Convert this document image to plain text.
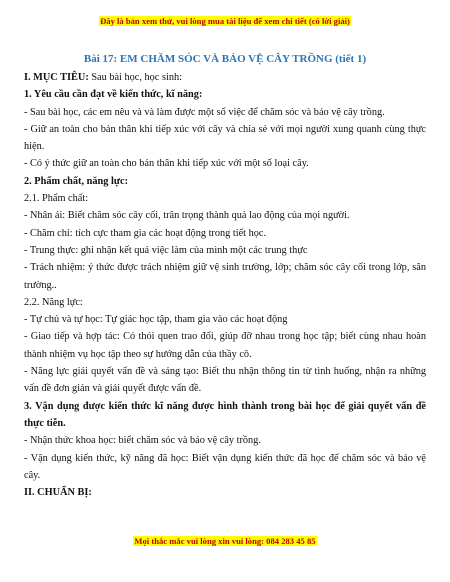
Đây là bản xem thử, vui lòng mua tài liệu để xem chi tiết (có lời giải)
Bài 17: EM CHĂM SÓC VÀ BẢO VỆ CÂY TRỒNG (tiết 1)

I. MỤC TIÊU: Sau bài học, học sinh:

1. Yêu cầu cần đạt về kiến thức, kĩ năng:

- Sau bài học, các em nêu và và làm được một số việc để chăm sóc và bảo vệ cây trồng.

- Giữ an toàn cho bản thân khi tiếp xúc với cây và chia sẻ với mọi người xung quanh cùng thực hiện.

- Có ý thức giữ an toàn cho bản thân khi tiếp xúc với một số loại cây.

2. Phẩm chất, năng lực:

2.1. Phẩm chất:

- Nhân ái: Biết chăm sóc cây cối, trân trọng thành quả lao động của mọi người.

- Chăm chỉ: tích cực tham gia các hoạt động trong tiết học.

- Trung thực: ghi nhận kết quả việc làm của mình một các trung thực

- Trách nhiệm: ý thức được trách nhiệm giữ vệ sinh trường, lớp; chăm sóc cây cối trong lớp, sân trường..

2.2. Năng lực:

- Tự chủ và tự học: Tự giác học tập, tham gia vào các hoạt động

- Giao tiếp và hợp tác: Có thói quen trao đổi, giúp đỡ nhau trong học tập; biết cùng nhau hoàn thành nhiệm vụ học tập theo sự hướng dẫn của thầy cô.

- Năng lực giải quyết vấn đề và sáng tạo: Biết thu nhận thông tin từ tình huống, nhận ra những vấn đề đơn giản và giải quyết được vấn đề.

3. Vận dụng được kiến thức kĩ năng được hình thành trong bài học để giải quyết vấn đề thực tiễn.

- Nhận thức khoa học: biết chăm sóc và bảo vệ cây trồng.

- Vận dụng kiến thức, kỹ năng đã học: Biết vận dụng kiến thức đã học để chăm sóc và bảo vệ cây.

II. CHUẨN BỊ:

Mọi thắc mắc vui lòng xin vui lòng: 084 283 45 85
